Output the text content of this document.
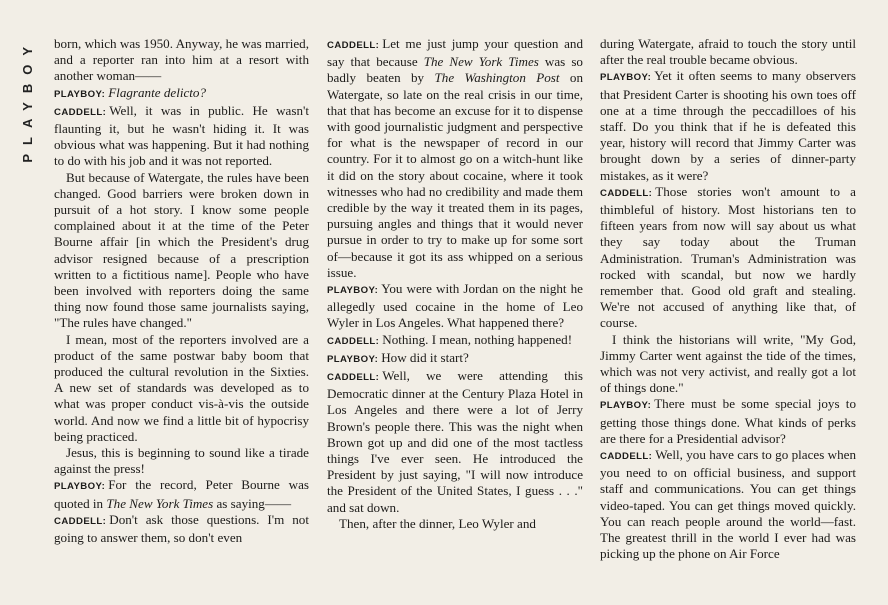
PLAYBOY	born, which was 1950. Anyway, he was married, and a reporter ran into him at a resort with another woman——

PLAYBOY: Flagrante delicto?

CADDELL: Well, it was in public. He wasn't flaunting it, but he wasn't hiding it. It was obvious what was happening. But it had nothing to do with his job and it was not reported.

But because of Watergate, the rules have been changed. Good barriers were broken down in pursuit of a hot story. I know some people complained about it at the time of the Peter Bourne affair [in which the President's drug advisor resigned because of a prescription written to a fictitious name]. People who have been involved with reporters doing the same thing now found those same journalists saying, "The rules have changed."

I mean, most of the reporters involved are a product of the same postwar baby boom that produced the cultural revolution in the Sixties. A new set of standards was developed as to what was proper conduct vis-à-vis the outside world. And now we find a little bit of hypocrisy being practiced.

Jesus, this is beginning to sound like a tirade against the press!

PLAYBOY: For the record, Peter Bourne was quoted in The New York Times as saying——

CADDELL: Don't ask those questions. I'm not going to answer them, so don't even

CADDELL: Let me just jump your question and say that because The New York Times was so badly beaten by The Washington Post on Watergate, so late on the real crisis in our time, that that has become an excuse for it to dispense with good journalistic judgment and perspective for what is the newspaper of record in our country. For it to almost go on a witch-hunt like it did on the story about cocaine, where it took witnesses who had no credibility and made them credible by the way it treated them in its pages, pursuing angles and things that it would never pursue in order to try to make up for some sort of—because it got its ass whipped on a serious issue.

PLAYBOY: You were with Jordan on the night he allegedly used cocaine in the home of Leo Wyler in Los Angeles. What happened there?

CADDELL: Nothing. I mean, nothing happened!

PLAYBOY: How did it start?

CADDELL: Well, we were attending this Democratic dinner at the Century Plaza Hotel in Los Angeles and there were a lot of Jerry Brown's people there. This was the night when Brown got up and did one of the most tactless things I've ever seen. He introduced the President by just saying, "I will now introduce the President of the United States, I guess . . ." and sat down.

Then, after the dinner, Leo Wyler and

during Watergate, afraid to touch the story until after the real trouble became obvious.

PLAYBOY: Yet it often seems to many observers that President Carter is shooting his own toes off one at a time through the peccadilloes of his staff. Do you think that if he is defeated this year, history will record that Jimmy Carter was brought down by a series of dinner-party mistakes, as it were?

CADDELL: Those stories won't amount to a thimbleful of history. Most historians ten to fifteen years from now will say about us what they say today about the Truman Administration. Truman's Administration was rocked with scandal, but now we hardly remember that. Good old graft and stealing. We're not accused of anything like that, of course.

I think the historians will write, "My God, Jimmy Carter went against the tide of the times, which was not very activist, and really got a lot of things done."

PLAYBOY: There must be some special joys to getting those things done. What kinds of perks are there for a Presidential advisor?

CADDELL: Well, you have cars to go places when you need to on official business, and support staff and communications. You can get things video-taped. You can get things moved quickly. You can reach people around the world—fast. The greatest thrill in the world I ever had was picking up the phone on Air Force
